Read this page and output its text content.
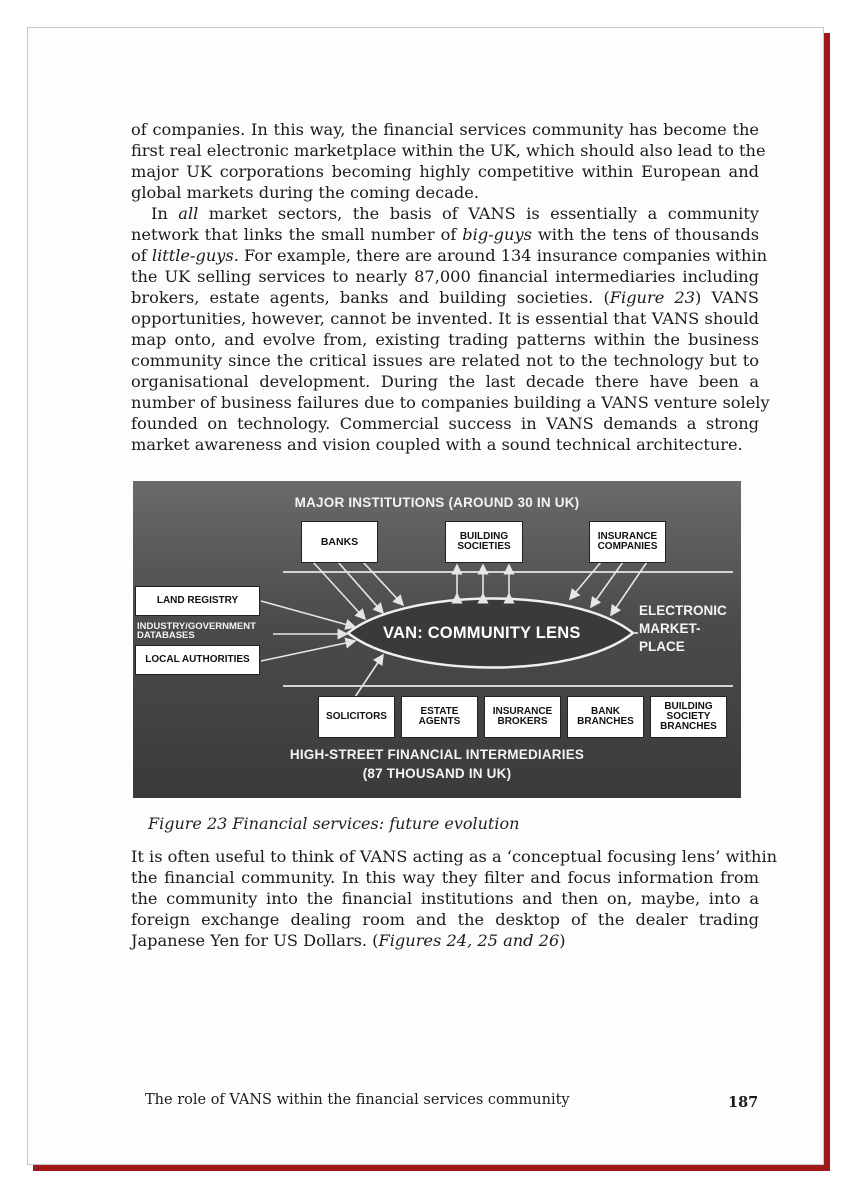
of companies. In this way, the financial services community has become the
first real electronic marketplace within the UK, which should also lead to the
major UK corporations becoming highly competitive within European and
global markets during the coming decade.
In all market sectors, the basis of VANS is essentially a community
network that links the small number of big-guys with the tens of thousands
of little-guys. For example, there are around 134 insurance companies within
the UK selling services to nearly 87,000 financial intermediaries including
brokers, estate agents, banks and building societies. (Figure 23) VANS
opportunities, however, cannot be invented. It is essential that VANS should
map onto, and evolve from, existing trading patterns within the business
community since the critical issues are related not to the technology but to
organisational development. During the last decade there have been a
number of business failures due to companies building a VANS venture solely
founded on technology. Commercial success in VANS demands a strong
market awareness and vision coupled with a sound technical architecture.
MAJOR INSTITUTIONS (AROUND 30 IN UK)
BANKS	BUILDING
SOCIETIES
INSURANCE
COMPANIES
LAND REGISTRY
INDUSTRY/GOVERNMENT
DATABASES
LOCAL AUTHORITIES
VAN: COMMUNITY LENS
ELECTRONIC
MARKET-
PLACE
SOLICITORS	ESTATE
AGENTS
INSURANCE
BROKERS
BANK
BRANCHES
BUILDING
SOCIETY
BRANCHES
HIGH-STREET FINANCIAL INTERMEDIARIES
(87 THOUSAND IN UK)
Figure 23 Financial services: future evolution
It is often useful to think of VANS acting as a ‘conceptual focusing lens’ within
the financial community. In this way they filter and focus information from
the community into the financial institutions and then on, maybe, into a
foreign exchange dealing room and the desktop of the dealer trading
Japanese Yen for US Dollars. (Figures 24, 25 and 26)
The role of VANS within the financial services community	187
